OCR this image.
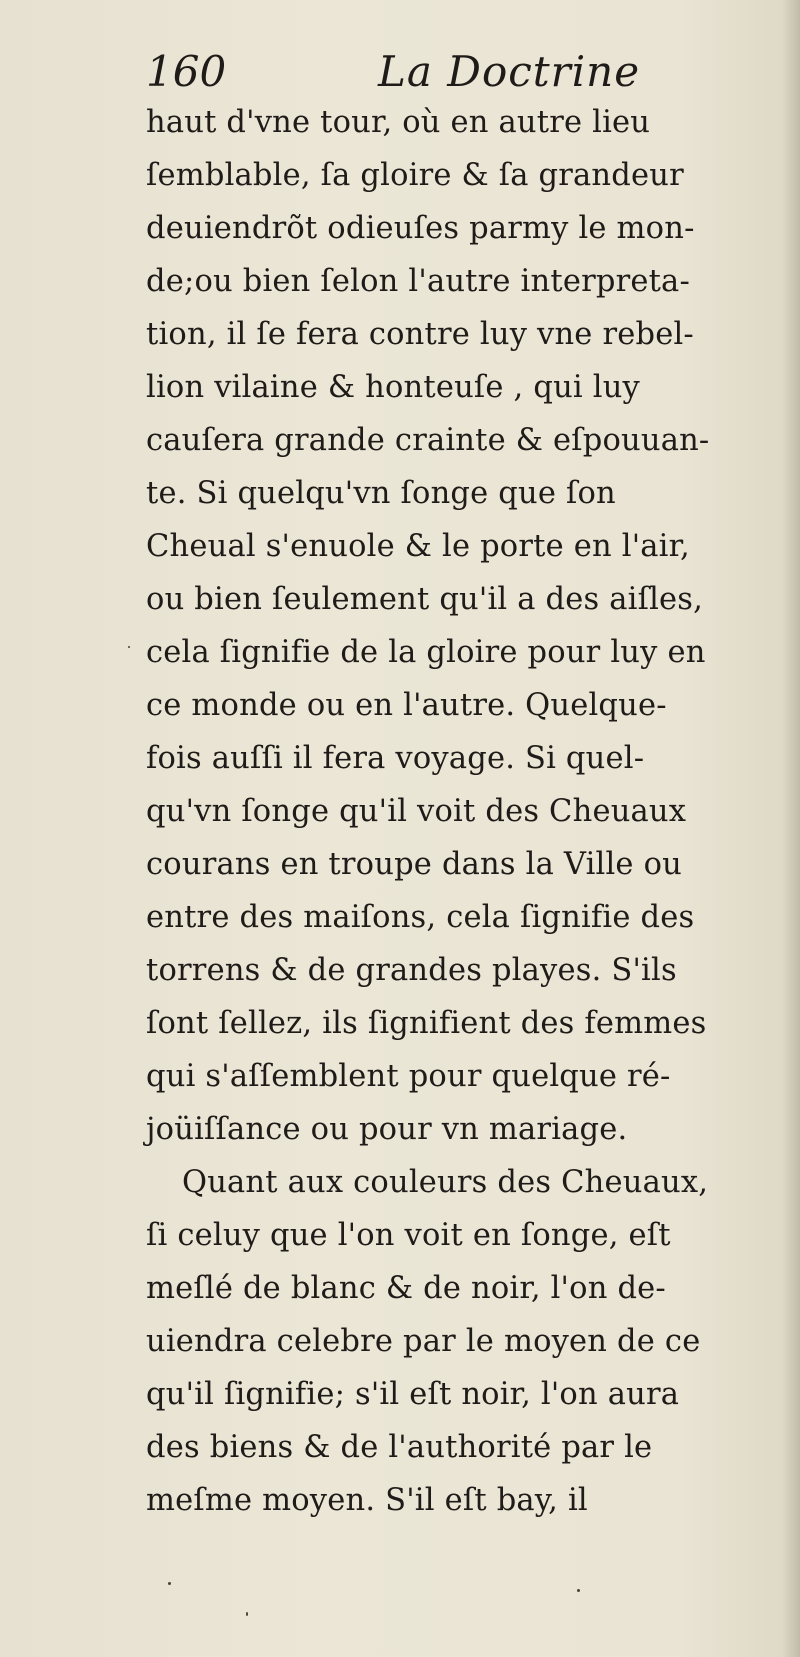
160	La Doctrine
haut d'vne tour, où en autre lieu
ſemblable, ſa gloire & ſa grandeur
deuiendrõt odieuſes parmy le mon-
de;ou bien ſelon l'autre interpreta-
tion, il ſe fera contre luy vne rebel-
lion vilaine & honteuſe , qui luy
cauſera grande crainte & eſpouuan-
te. Si quelqu'vn ſonge que ſon
Cheual s'enuole & le porte en l'air,
ou bien ſeulement qu'il a des aiſles,
cela ſignifie de la gloire pour luy en
ce monde ou en l'autre. Quelque-
fois auſſi il fera voyage. Si quel-
qu'vn ſonge qu'il voit des Cheuaux
courans en troupe dans la Ville ou
entre des maiſons, cela ſignifie des
torrens & de grandes playes. S'ils
ſont ſellez, ils ſignifient des femmes
qui s'aſſemblent pour quelque ré-
joüiſſance ou pour vn mariage.
Quant aux couleurs des Cheuaux,
ſi celuy que l'on voit en ſonge, eſt
meſlé de blanc & de noir, l'on de-
uiendra celebre par le moyen de ce
qu'il ſignifie; s'il eſt noir, l'on aura
des biens & de l'authorité par le
meſme moyen. S'il eſt bay, il
